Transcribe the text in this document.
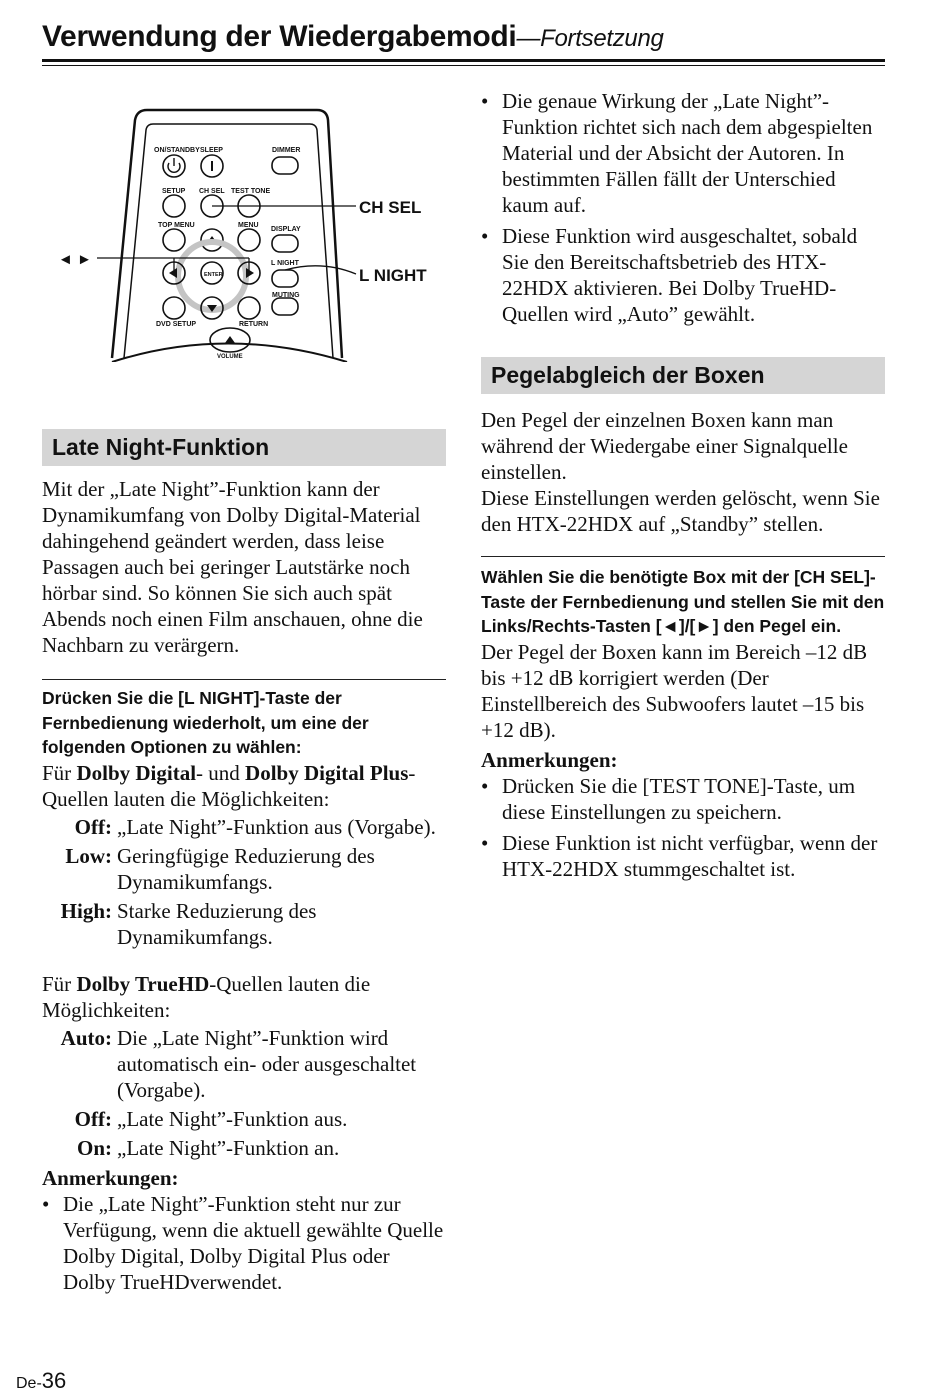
Verwendung der Wiedergabemodi—Fortsetzung
ON/STANDBY SLEEP	DIMMER
SETUP CH SEL TEST TONE
TOP MENU	MENU
DISPLAY
ENTER
L NIGHT
MUTING
DVD SETUP	RETURN
VOLUME
CH SEL
L NIGHT
◄ ►
Late Night-Funktion

Mit der „Late Night”-Funktion kann der Dynamikumfang von Dolby Digital-Material dahingehend geändert werden, dass leise Passagen auch bei geringer Lautstärke noch hörbar sind. So können Sie sich auch spät Abends noch einen Film anschauen, ohne die Nachbarn zu verärgern.

Drücken Sie die [L NIGHT]-Taste der Fernbedienung wiederholt, um eine der folgenden Optionen zu wählen:

Für Dolby Digital- und Dolby Digital Plus-Quellen lauten die Möglichkeiten:

Off: „Late Night”-Funktion aus (Vorgabe).
Low: Geringfügige Reduzierung des Dynamikumfangs.
High: Starke Reduzierung des Dynamikumfangs.

Für Dolby TrueHD-Quellen lauten die Möglichkeiten:

Auto: Die „Late Night”-Funktion wird automatisch ein- oder ausgeschaltet (Vorgabe).
Off: „Late Night”-Funktion aus.
On: „Late Night”-Funktion an.

Anmerkungen:

• Die „Late Night”-Funktion steht nur zur Verfügung, wenn die aktuell gewählte Quelle Dolby Digital, Dolby Digital Plus oder Dolby TrueHDverwendet.
• Die genaue Wirkung der „Late Night”-Funktion richtet sich nach dem abgespielten Material und der Absicht der Autoren. In bestimmten Fällen fällt der Unterschied kaum auf.
• Diese Funktion wird ausgeschaltet, sobald Sie den Bereitschaftsbetrieb des HTX-22HDX aktivieren. Bei Dolby TrueHD-Quellen wird „Auto” gewählt.
Pegelabgleich der Boxen

Den Pegel der einzelnen Boxen kann man während der Wiedergabe einer Signalquelle einstellen.

Diese Einstellungen werden gelöscht, wenn Sie den HTX-22HDX auf „Standby” stellen.

Wählen Sie die benötigte Box mit der [CH SEL]-Taste der Fernbedienung und stellen Sie mit den Links/Rechts-Tasten [◄]/[►] den Pegel ein.

Der Pegel der Boxen kann im Bereich –12 dB bis +12 dB korrigiert werden (Der Einstellbereich des Subwoofers lautet –15 bis +12 dB).

Anmerkungen:

• Drücken Sie die [TEST TONE]-Taste, um diese Einstellungen zu speichern.
• Diese Funktion ist nicht verfügbar, wenn der HTX-22HDX stummgeschaltet ist.
De-36
